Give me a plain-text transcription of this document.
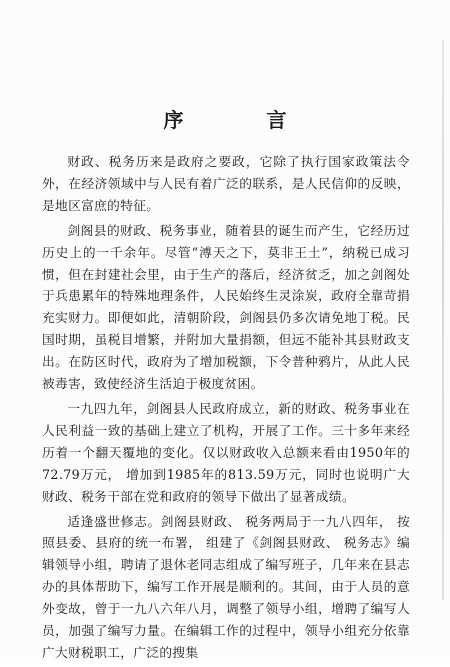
序 言

财政、税务历来是政府之要政，它除了执行国家政策法令外，在经济领域中与人民有着广泛的联系，是人民信仰的反映，是地区富庶的特征。

剑阁县的财政、税务事业，随着县的诞生而产生，它经历过历史上的一千余年。尽管“溥天之下，莫非王土”，纳税已成习惯，但在封建社会里，由于生产的落后，经济贫乏，加之剑阁处于兵患累年的特殊地理条件，人民始终生灵涂炭，政府全靠苛捐充实财力。即便如此，清朝阶段，剑阁县仍多次请免地丁税。民国时期，虽税目增繁，并附加大量捐额，但远不能补其县财政支出。在防区时代，政府为了增加税额，下令普种鸦片，从此人民被毒害，致使经济生活迫于极度贫困。

一九四九年，剑阁县人民政府成立，新的财政、税务事业在人民利益一致的基础上建立了机构，开展了工作。三十多年来经历着一个翻天覆地的变化。仅以财政收入总额来看由1950年的72.79万元， 增加到1985年的813.59万元，同时也说明广大财政、税务干部在党和政府的领导下做出了显著成绩。

适逢盛世修志。剑阁县财政、 税务两局于一九八四年， 按照县委、县府的统一布署， 组建了《剑阁县财政、 税务志》编辑领导小组，聘请了退休老同志组成了编写班子，几年来在县志办的具体帮助下，编写工作开展是顺利的。其间，由于人员的意外变故，曾于一九八六年八月，调整了领导小组，增聘了编写人员，加强了编写力量。在编辑工作的过程中，领导小组充分依靠广大财税职工，广泛的搜集
